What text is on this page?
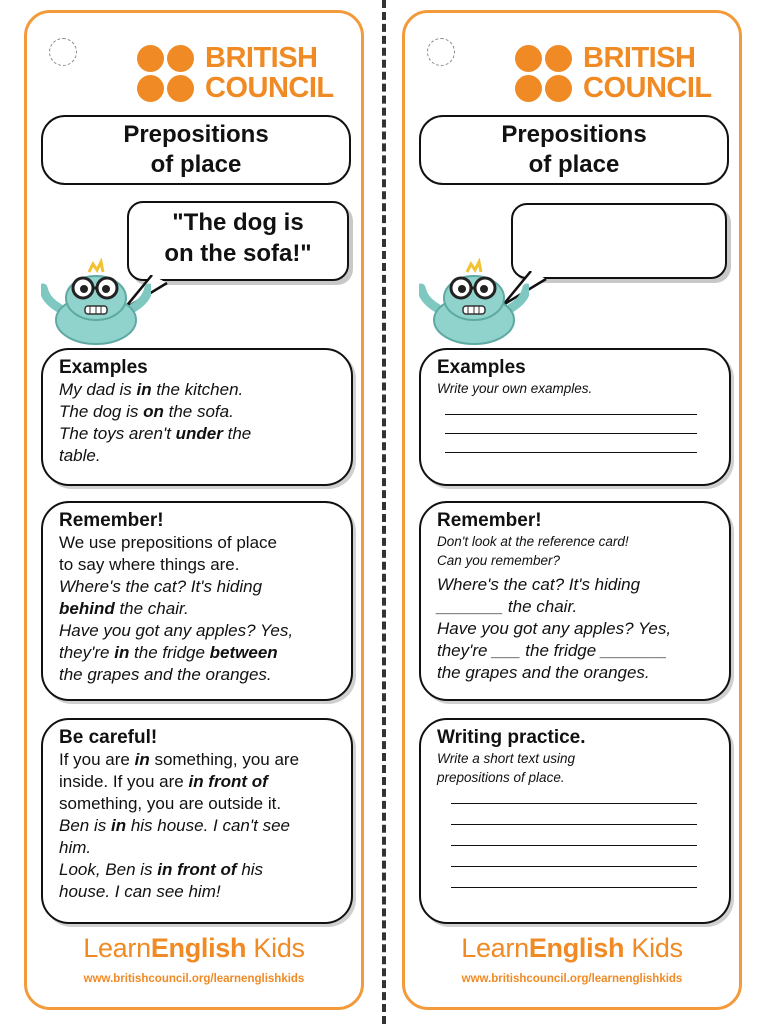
BRITISH
COUNCIL
Prepositions
of place
"The dog is
on the sofa!"
Examples
My dad is in the kitchen.
The dog is on the sofa.
The toys aren't under the
table.
Remember!
We use prepositions of place
to say where things are.
Where's the cat? It's hiding
behind the chair.
Have you got any apples? Yes,
they're in the fridge between
the grapes and the oranges.
Be careful!
If you are in something, you are
inside. If you are in front of
something, you are outside it.
Ben is in his house. I can't see
him.
Look, Ben is in front of his
house. I can see him!
LearnEnglish Kids
www.britishcouncil.org/learnenglishkids
BRITISH
COUNCIL
Prepositions
of place
Examples
Write your own examples.
Remember!
Don't look at the reference card!
Can you remember?
Where's the cat? It's hiding
_______ the chair.
Have you got any apples? Yes,
they're ___ the fridge _______
the grapes and the oranges.
Writing practice.
Write a short text using
prepositions of place.
LearnEnglish Kids
www.britishcouncil.org/learnenglishkids
